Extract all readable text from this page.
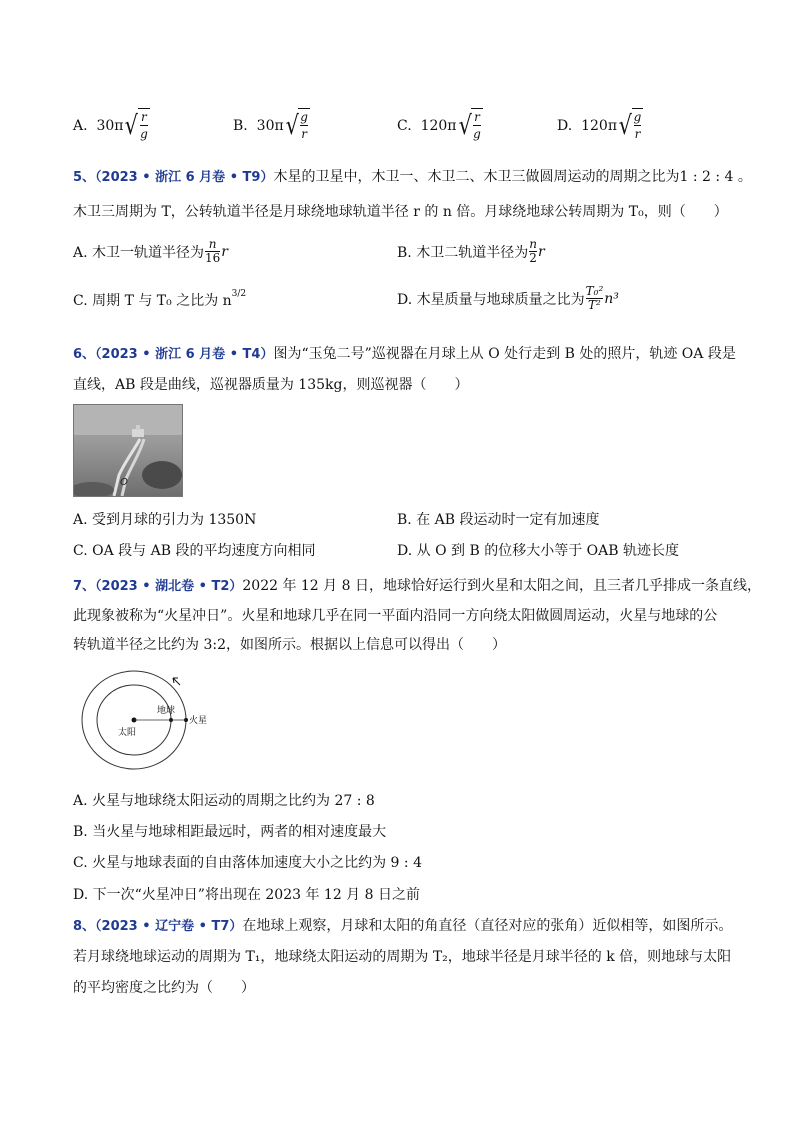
A.
30π √ r
g	B.
30π √ g
r	C.
120π √ r
g	D.
120π √ g
r
5、（2023 • 浙江 6 月卷 • T9）木星的卫星中，木卫一、木卫二、木卫三做圆周运动的周期之比为1 : 2 : 4 。
木卫三周期为 T，公转轨道半径是月球绕地球轨道半径 r 的 n 倍。月球绕地球公转周期为 T₀，则（　　）
A. 木卫一轨道半径为 $\frac{n}{16}$ r	B. 木卫二轨道半径为 $\frac{n}{2}$ r
C. 周期 T 与 T₀ 之比为 $n^{3/2}$	D. 木星质量与地球质量之比为 $\frac{\text{T₀²}}{\text{T²}} n^3$
6、（2023 • 浙江 6 月卷 • T4）图为“玉兔二号”巡视器在月球上从 O 处行走到 B 处的照片，轨迹 OA 段是
直线，AB 段是曲线，巡视器质量为 135kg，则巡视器（　　）
O
A. 受到月球的引力为 1350N	B. 在 AB 段运动时一定有加速度
C. OA 段与 AB 段的平均速度方向相同	D. 从 O 到 B 的位移大小等于 OAB 轨迹长度
7、（2023 • 湖北卷 • T2）2022 年 12 月 8 日，地球恰好运行到火星和太阳之间，且三者几乎排成一条直线，
此现象被称为“火星冲日”。火星和地球几乎在同一平面内沿同一方向绕太阳做圆周运动，火星与地球的公
转轨道半径之比约为 3:2，如图所示。根据以上信息可以得出（　　）
太阳
地球
火星
A. 火星与地球绕太阳运动的周期之比约为 27 : 8
B. 当火星与地球相距最远时，两者的相对速度最大
C. 火星与地球表面的自由落体加速度大小之比约为 9 : 4
D. 下一次“火星冲日”将出现在 2023 年 12 月 8 日之前
8、（2023 • 辽宁卷 • T7）在地球上观察，月球和太阳的角直径（直径对应的张角）近似相等，如图所示。
若月球绕地球运动的周期为 T₁，地球绕太阳运动的周期为 T₂，地球半径是月球半径的 k 倍，则地球与太阳
的平均密度之比约为（　　）
